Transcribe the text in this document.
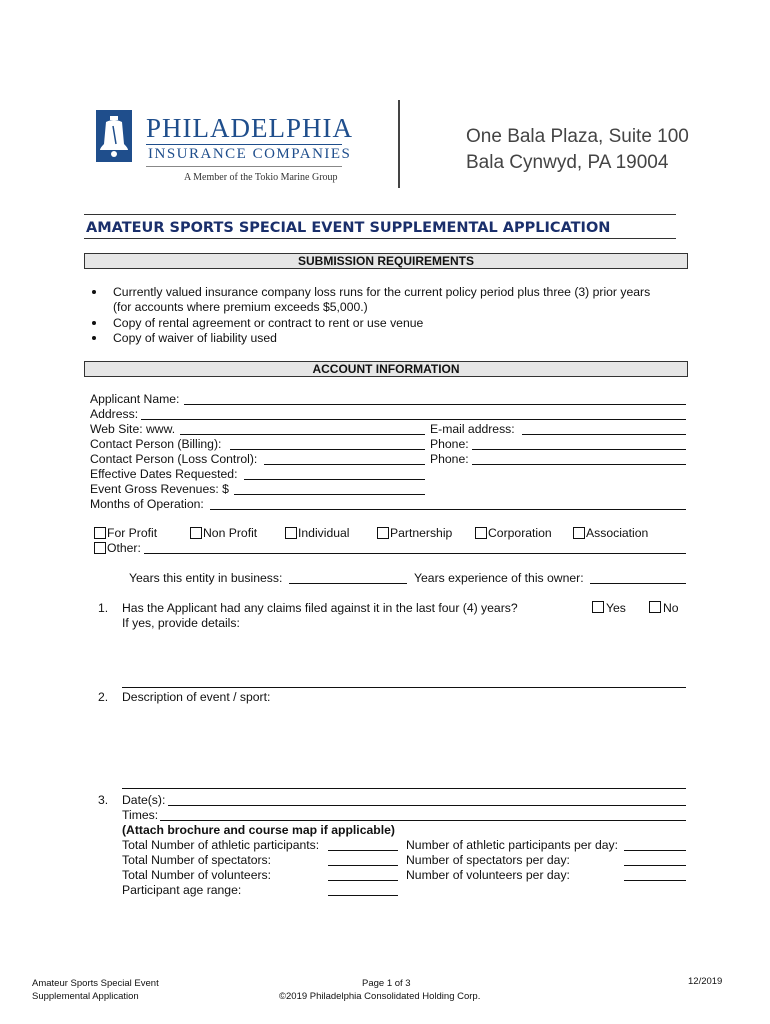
PHILADELPHIA
INSURANCE COMPANIES
A Member of the Tokio Marine Group
One Bala Plaza, Suite 100
Bala Cynwyd, PA 19004
AMATEUR SPORTS SPECIAL EVENT SUPPLEMENTAL APPLICATION
SUBMISSION REQUIREMENTS
Currently valued insurance company loss runs for the current policy period plus three (3) prior years
(for accounts where premium exceeds $5,000.)
Copy of rental agreement or contract to rent or use venue
Copy of waiver of liability used
ACCOUNT INFORMATION
Applicant Name:
Address:
Web Site: www.	E-mail address:
Contact Person (Billing):	Phone:
Contact Person (Loss Control):	Phone:
Effective Dates Requested:
Event Gross Revenues: $
Months of Operation:
For Profit	Non Profit	Individual	Partnership	Corporation	Association
Other:
Years this entity in business:	Years experience of this owner:
1. Has the Applicant had any claims filed against it in the last four (4) years?	Yes	No
If yes, provide details:
2. Description of event / sport:
3. Date(s):
Times:
(Attach brochure and course map if applicable)
Total Number of athletic participants:	Number of athletic participants per day:
Total Number of spectators:	Number of spectators per day:
Total Number of volunteers:	Number of volunteers per day:
Participant age range:
Amateur Sports Special Event
Supplemental Application
Page 1 of 3
©2019 Philadelphia Consolidated Holding Corp.
12/2019
